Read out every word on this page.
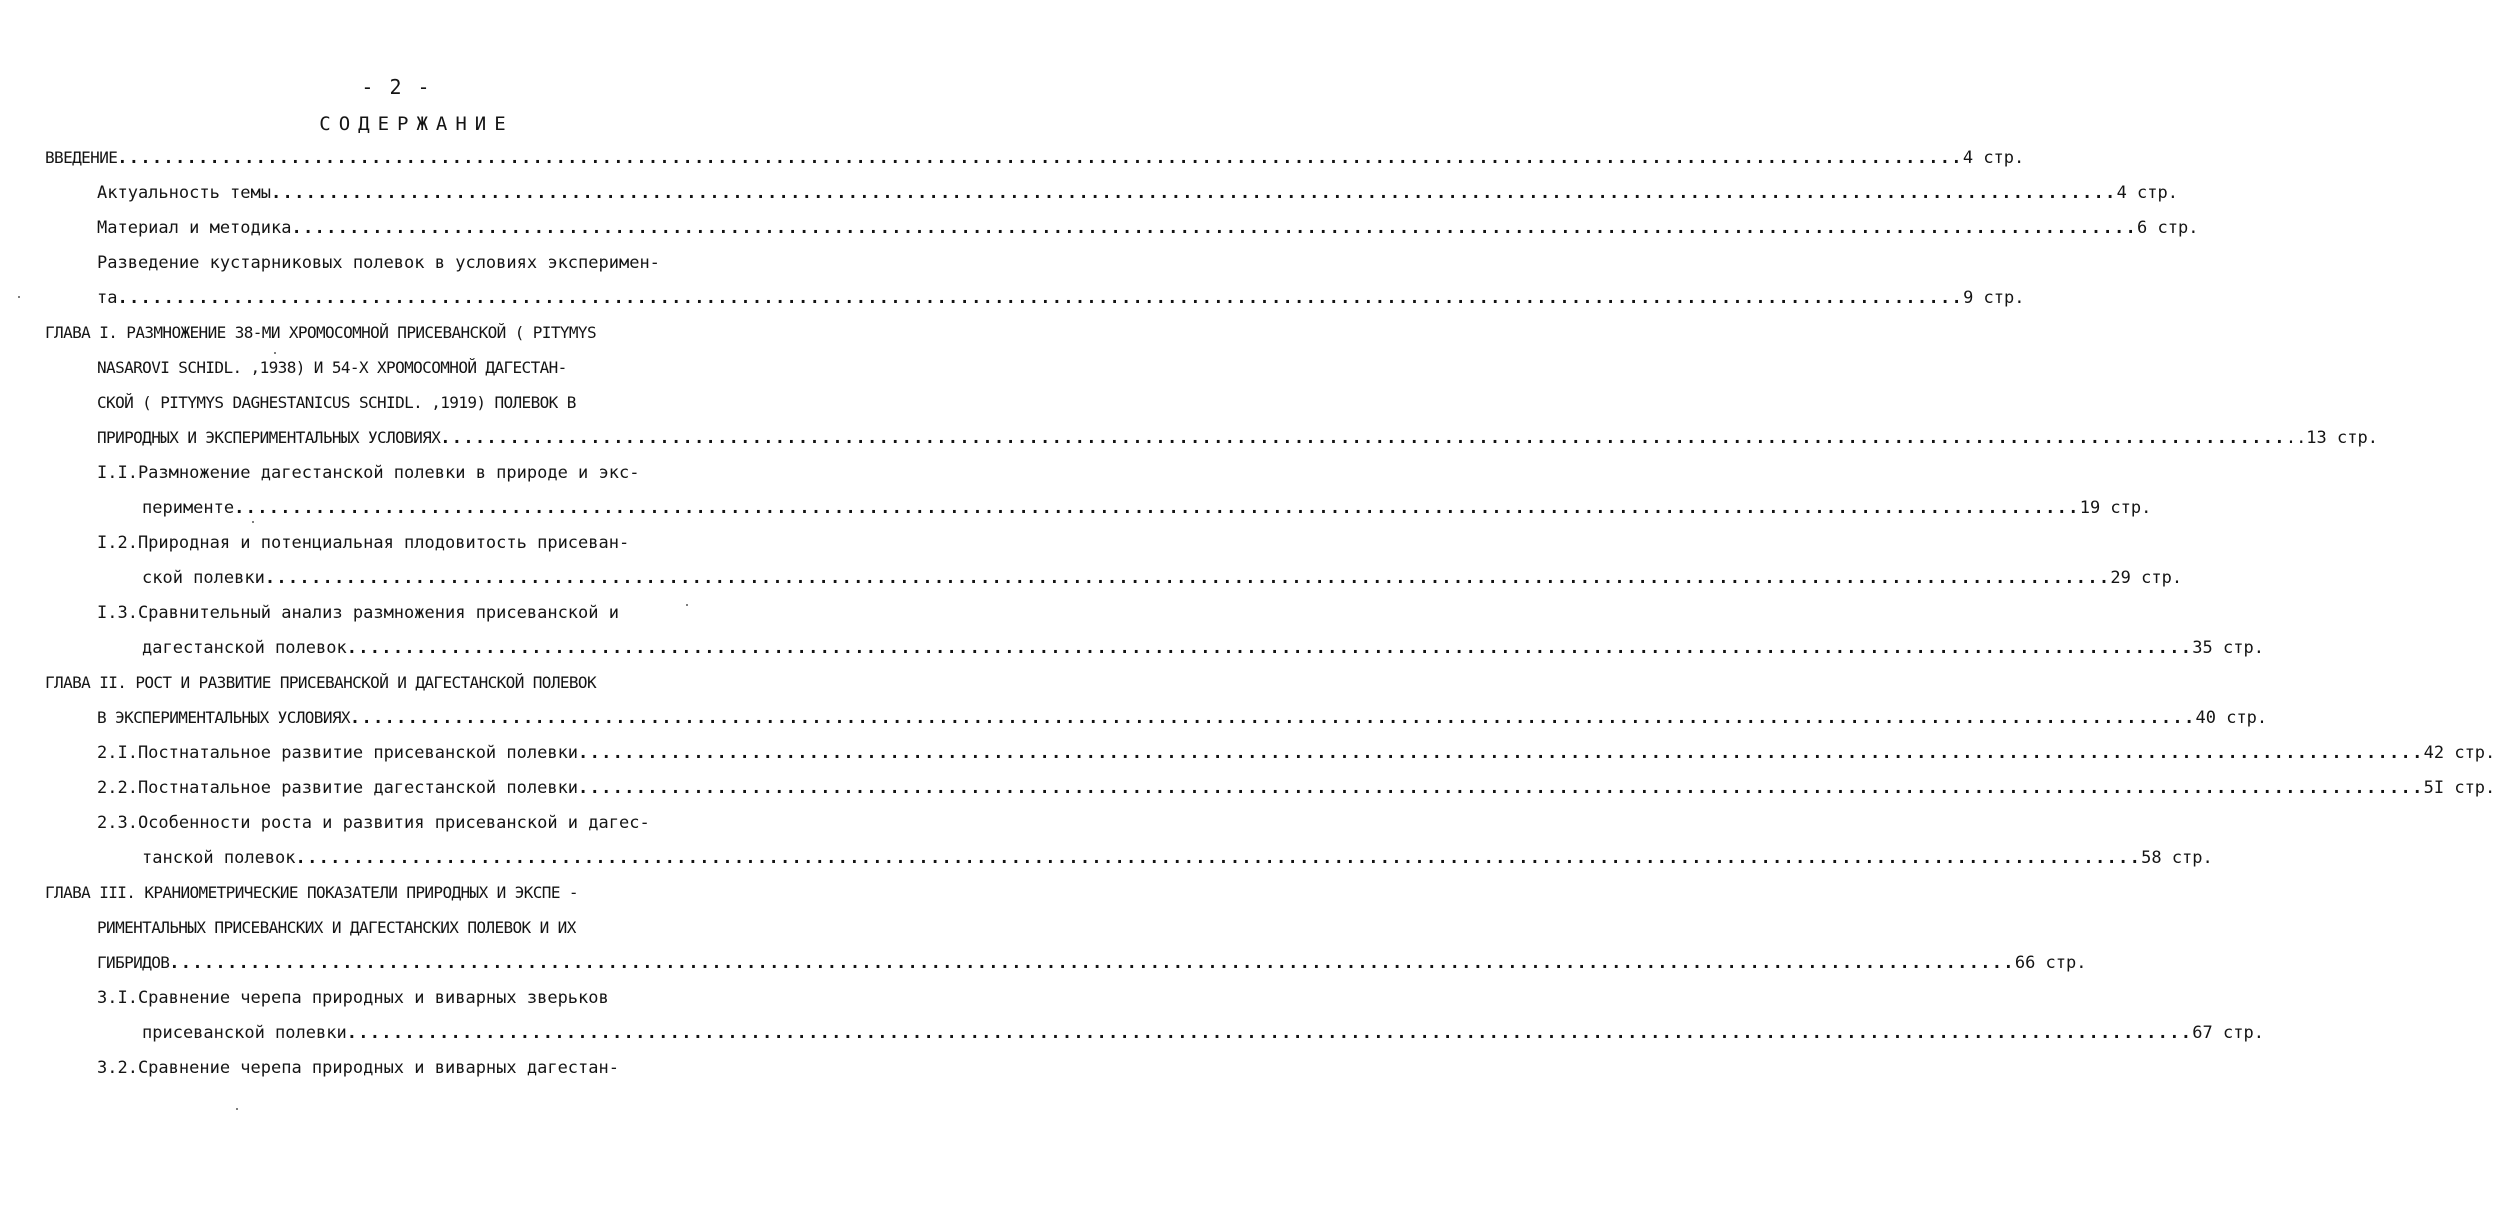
- 2 -
СОДЕРЖАНИЕ
ВВЕДЕНИЕ ................................................................................................................................................................ 4 стр.
Актуальность темы ................................................................................................................................................................ 4 стр.
Материал и методика ................................................................................................................................................................ 6 стр.
Разведение кустарниковых полевок в условиях эксперимен-
та ................................................................................................................................................................ 9 стр.
ГЛАВА I. РАЗМНОЖЕНИЕ 38-МИ ХРОМОСОМНОЙ ПРИСЕВАНСКОЙ ( PITYMYS
NASAROVI SCHIDL. ,1938) И 54-Х ХРОМОСОМНОЙ ДАГЕСТАН-
СКОЙ ( PITYMYS DAGHESTANICUS SCHIDL. ,1919) ПОЛЕВОК В
ПРИРОДНЫХ И ЭКСПЕРИМЕНТАЛЬНЫХ УСЛОВИЯХ ................................................................................................................................................................ ..13 стр.
I.I.Размножение дагестанской полевки в природе и экс-
перименте ................................................................................................................................................................ 19 стр.
I.2.Природная и потенциальная плодовитость присеван-
ской полевки ................................................................................................................................................................ 29 стр.
I.3.Сравнительный анализ размножения присеванской и
дагестанской полевок ................................................................................................................................................................ 35 стр.
ГЛАВА II. РОСТ И РАЗВИТИЕ ПРИСЕВАНСКОЙ И ДАГЕСТАНСКОЙ ПОЛЕВОК
В ЭКСПЕРИМЕНТАЛЬНЫХ УСЛОВИЯХ ................................................................................................................................................................ 40 стр.
2.I.Постнатальное развитие присеванской полевки ................................................................................................................................................................ 42 стр.
2.2.Постнатальное развитие дагестанской полевки ................................................................................................................................................................ 5I стр.
2.3.Особенности роста и развития присеванской и дагес-
танской полевок ................................................................................................................................................................ 58 стр.
ГЛАВА III. КРАНИОМЕТРИЧЕСКИЕ ПОКАЗАТЕЛИ ПРИРОДНЫХ И ЭКСПЕ -
РИМЕНТАЛЬНЫХ ПРИСЕВАНСКИХ И ДАГЕСТАНСКИХ ПОЛЕВОК И ИХ
ГИБРИДОВ ................................................................................................................................................................ 66 стр.
3.I.Сравнение черепа природных и виварных зверьков
присеванской полевки ................................................................................................................................................................ 67 стр.
3.2.Сравнение черепа природных и виварных дагестан-
